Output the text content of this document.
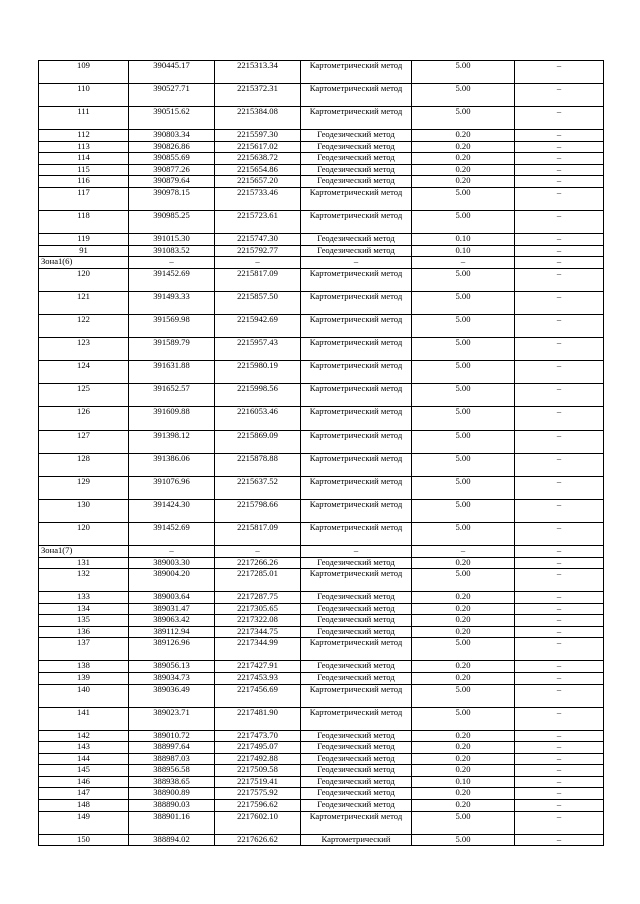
109	390445.17	2215313.34	Картометрический метод	5.00	–
110	390527.71	2215372.31	Картометрический метод	5.00	–
111	390515.62	2215384.08	Картометрический метод	5.00	–
112	390803.34	2215597.30	Геодезический метод	0.20	–
113	390826.86	2215617.02	Геодезический метод	0.20	–
114	390855.69	2215638.72	Геодезический метод	0.20	–
115	390877.26	2215654.86	Геодезический метод	0.20	–
116	390879.64	2215657.20	Геодезический метод	0.20	–
117	390978.15	2215733.46	Картометрический метод	5.00	–
118	390985.25	2215723.61	Картометрический метод	5.00	–
119	391015.30	2215747.30	Геодезический метод	0.10	–
91	391083.52	2215792.77	Геодезический метод	0.10	–
Зона1(6)	–	–	–	–	–
120	391452.69	2215817.09	Картометрический метод	5.00	–
121	391493.33	2215857.50	Картометрический метод	5.00	–
122	391569.98	2215942.69	Картометрический метод	5.00	–
123	391589.79	2215957.43	Картометрический метод	5.00	–
124	391631.88	2215980.19	Картометрический метод	5.00	–
125	391652.57	2215998.56	Картометрический метод	5.00	–
126	391609.88	2216053.46	Картометрический метод	5.00	–
127	391398.12	2215869.09	Картометрический метод	5.00	–
128	391386.06	2215878.88	Картометрический метод	5.00	–
129	391076.96	2215637.52	Картометрический метод	5.00	–
130	391424.30	2215798.66	Картометрический метод	5.00	–
120	391452.69	2215817.09	Картометрический метод	5.00	–
Зона1(7)	–	–	–	–	–
131	389003.30	2217266.26	Геодезический метод	0.20	–
132	389004.20	2217285.01	Картометрический метод	5.00	–
133	389003.64	2217287.75	Геодезический метод	0.20	–
134	389031.47	2217305.65	Геодезический метод	0.20	–
135	389063.42	2217322.08	Геодезический метод	0.20	–
136	389112.94	2217344.75	Геодезический метод	0.20	–
137	389126.96	2217344.99	Картометрический метод	5.00	–
138	389056.13	2217427.91	Геодезический метод	0.20	–
139	389034.73	2217453.93	Геодезический метод	0.20	–
140	389036.49	2217456.69	Картометрический метод	5.00	–
141	389023.71	2217481.90	Картометрический метод	5.00	–
142	389010.72	2217473.70	Геодезический метод	0.20	–
143	388997.64	2217495.07	Геодезический метод	0.20	–
144	388987.03	2217492.88	Геодезический метод	0.20	–
145	388956.58	2217509.58	Геодезический метод	0.20	–
146	388938.65	2217519.41	Геодезический метод	0.10	–
147	388900.89	2217575.92	Геодезический метод	0.20	–
148	388890.03	2217596.62	Геодезический метод	0.20	–
149	388901.16	2217602.10	Картометрический метод	5.00	–
150	388894.02	2217626.62	Картометрический	5.00	–
